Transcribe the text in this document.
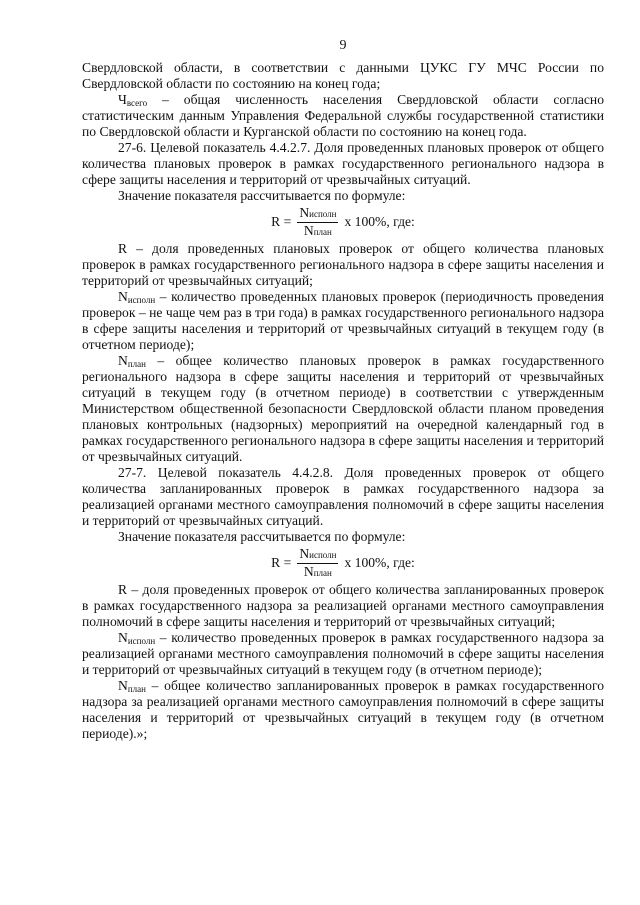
9

Свердловской области, в соответствии с данными ЦУКС ГУ МЧС России по Свердловской области по состоянию на конец года;

$Ч_{всего}$ – общая численность населения Свердловской области согласно статистическим данным Управления Федеральной службы государственной статистики по Свердловской области и Курганской области по состоянию на конец года.

27-6. Целевой показатель 4.4.2.7. Доля проведенных плановых проверок от общего количества плановых проверок в рамках государственного регионального надзора в сфере защиты населения и территорий от чрезвычайных ситуаций.

Значение показателя рассчитывается по формуле:

$R = \frac{\text{Nисполн}}{\text{Nплан}}$ x 100%, где:

R – доля проведенных плановых проверок от общего количества плановых проверок в рамках государственного регионального надзора в сфере защиты населения и территорий от чрезвычайных ситуаций;

$N_{исполн}$ – количество проведенных плановых проверок (периодичность проведения проверок – не чаще чем раз в три года) в рамках государственного регионального надзора в сфере защиты населения и территорий от чрезвычайных ситуаций в текущем году (в отчетном периоде);

$N_{план}$ – общее количество плановых проверок в рамках государственного регионального надзора в сфере защиты населения и территорий от чрезвычайных ситуаций в текущем году (в отчетном периоде) в соответствии с утвержденным Министерством общественной безопасности Свердловской области планом проведения плановых контрольных (надзорных) мероприятий на очередной календарный год в рамках государственного регионального надзора в сфере защиты населения и территорий от чрезвычайных ситуаций.

27-7. Целевой показатель 4.4.2.8. Доля проведенных проверок от общего количества запланированных проверок в рамках государственного надзора за реализацией органами местного самоуправления полномочий в сфере защиты населения и территорий от чрезвычайных ситуаций.

Значение показателя рассчитывается по формуле:

$R = \frac{\text{Nисполн}}{\text{Nплан}}$ x 100%, где:

R – доля проведенных проверок от общего количества запланированных проверок в рамках государственного надзора за реализацией органами местного самоуправления полномочий в сфере защиты населения и территорий от чрезвычайных ситуаций;

$N_{исполн}$ – количество проведенных проверок в рамках государственного надзора за реализацией органами местного самоуправления полномочий в сфере защиты населения и территорий от чрезвычайных ситуаций в текущем году (в отчетном периоде);

$N_{план}$ – общее количество запланированных проверок в рамках государственного надзора за реализацией органами местного самоуправления полномочий в сфере защиты населения и территорий от чрезвычайных ситуаций в текущем году (в отчетном периоде).»;
